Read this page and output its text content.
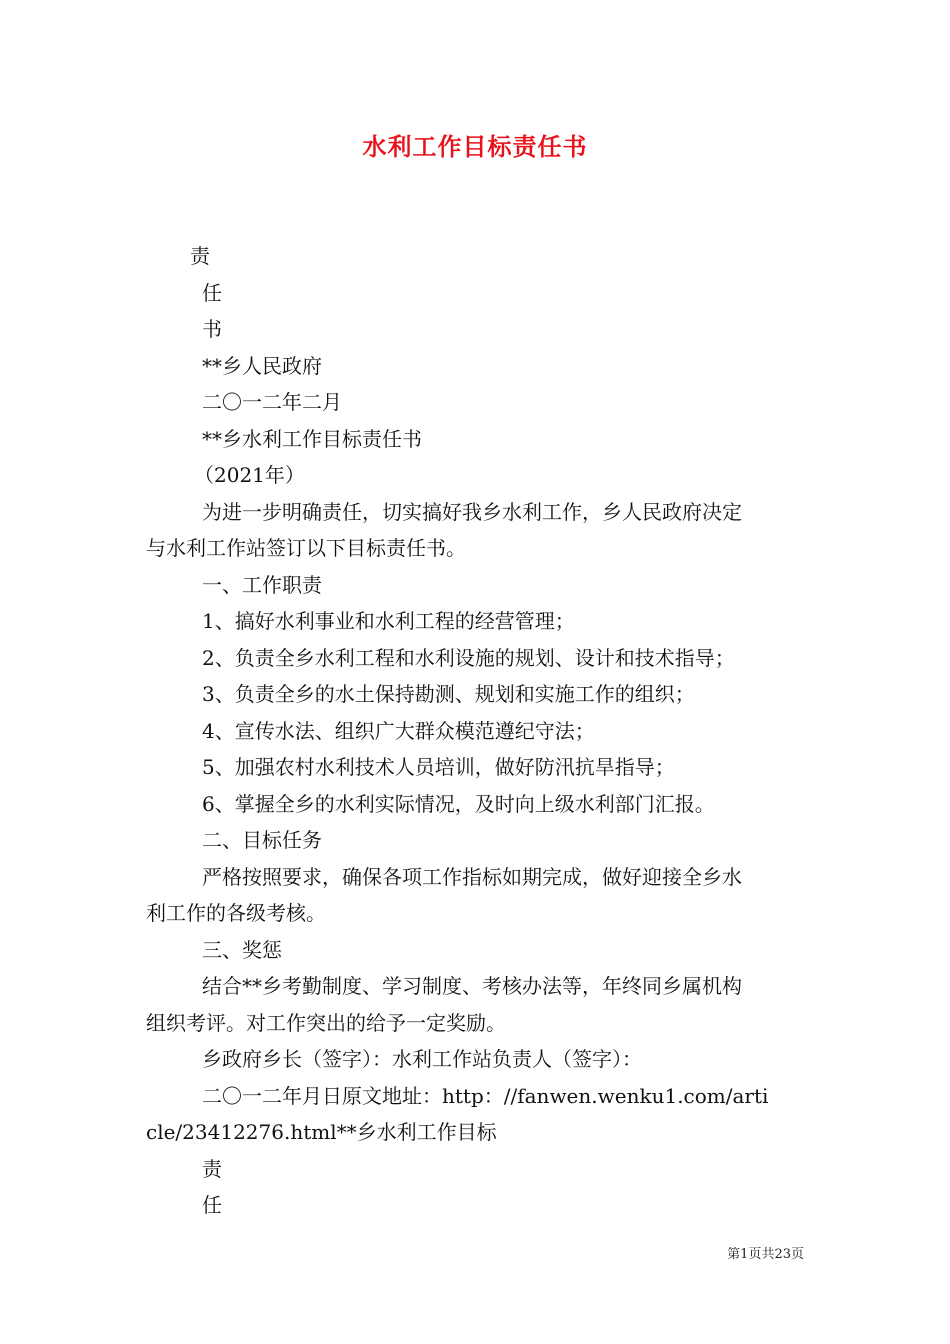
水利工作目标责任书
责
任
书
**乡人民政府
二〇一二年二月
**乡水利工作目标责任书
（2021年）
为进一步明确责任，切实搞好我乡水利工作，乡人民政府决定
与水利工作站签订以下目标责任书。
一、工作职责
1、搞好水利事业和水利工程的经营管理；
2、负责全乡水利工程和水利设施的规划、设计和技术指导；
3、负责全乡的水土保持勘测、规划和实施工作的组织；
4、宣传水法、组织广大群众模范遵纪守法；
5、加强农村水利技术人员培训，做好防汛抗旱指导；
6、掌握全乡的水利实际情况，及时向上级水利部门汇报。
二、目标任务
严格按照要求，确保各项工作指标如期完成，做好迎接全乡水
利工作的各级考核。
三、奖惩
结合**乡考勤制度、学习制度、考核办法等，年终同乡属机构
组织考评。对工作突出的给予一定奖励。
乡政府乡长（签字）：水利工作站负责人（签字）：
二〇一二年月日原文地址：http：//fanwen.wenku1.com/arti
cle/23412276.html**乡水利工作目标
责
任
第1页共23页
